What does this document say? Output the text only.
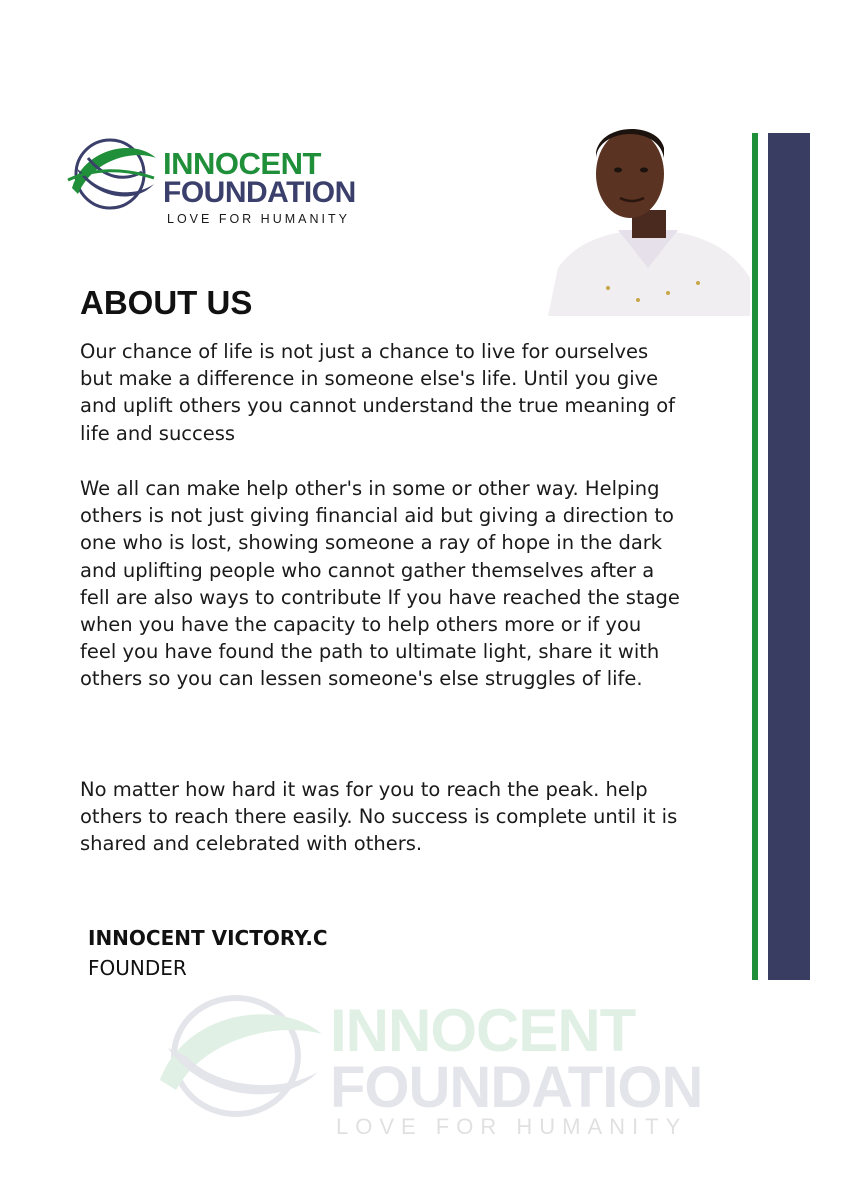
INNOCENT
FOUNDATION
LOVE FOR HUMANITY
ABOUT US

Our chance of life is not just a chance to live for ourselves but make a difference in someone else's life. Until you give and uplift others you cannot understand the true meaning of life and success

We all can make help other's in some or other way. Helping others is not just giving financial aid but giving a direction to one who is lost, showing someone a ray of hope in the dark and uplifting people who cannot gather themselves after a fell are also ways to contribute If you have reached the stage when you have the capacity to help others more or if you feel you have found the path to ultimate light, share it with others so you can lessen someone's else struggles of life.

No matter how hard it was for you to reach the peak. help others to reach there easily. No success is complete until it is shared and celebrated with others.

INNOCENT VICTORY.C
FOUNDER
INNOCENT
FOUNDATION
LOVE FOR HUMANITY
